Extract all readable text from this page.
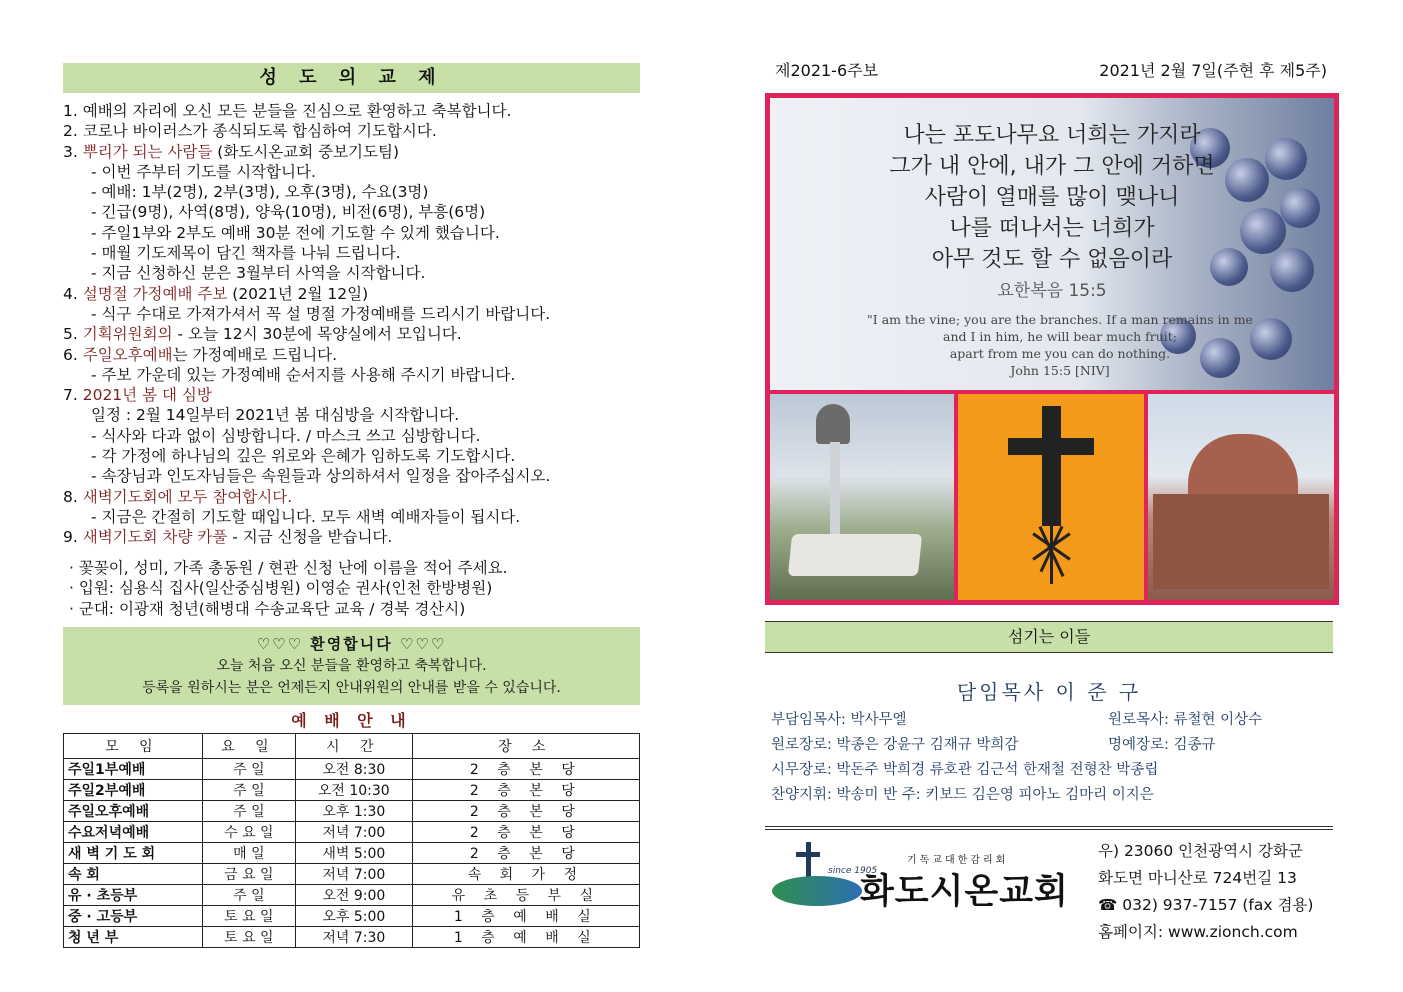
성 도 의 교 제
1. 예배의 자리에 오신 모든 분들을 진심으로 환영하고 축복합니다.
2. 코로나 바이러스가 종식되도록 합심하여 기도합시다.
3. 뿌리가 되는 사람들 (화도시온교회 중보기도팀)
- 이번 주부터 기도를 시작합니다.
- 예배: 1부(2명), 2부(3명), 오후(3명), 수요(3명)
- 긴급(9명), 사역(8명), 양육(10명), 비전(6명), 부흥(6명)
- 주일1부와 2부도 예배 30분 전에 기도할 수 있게 했습니다.
- 매월 기도제목이 담긴 책자를 나눠 드립니다.
- 지금 신청하신 분은 3월부터 사역을 시작합니다.
4. 설명절 가정예배 주보 (2021년 2월 12일)
- 식구 수대로 가져가셔서 꼭 설 명절 가정예배를 드리시기 바랍니다.
5. 기획위원회의 - 오늘 12시 30분에 목양실에서 모입니다.
6. 주일오후예배는 가정예배로 드립니다.
- 주보 가운데 있는 가정예배 순서지를 사용해 주시기 바랍니다.
7. 2021년 봄 대 심방
일정 : 2월 14일부터 2021년 봄 대심방을 시작합니다.
- 식사와 다과 없이 심방합니다. / 마스크 쓰고 심방합니다.
- 각 가정에 하나님의 깊은 위로와 은혜가 임하도록 기도합시다.
- 속장님과 인도자님들은 속원들과 상의하셔서 일정을 잡아주십시오.
8. 새벽기도회에 모두 참여합시다.
- 지금은 간절히 기도할 때입니다. 모두 새벽 예배자들이 됩시다.
9. 새벽기도회 차량 카풀 - 지금 신청을 받습니다.
· 꽃꽂이, 성미, 가족 총동원 / 현관 신청 난에 이름을 적어 주세요.
· 입원: 심용식 집사(일산중심병원) 이영순 권사(인천 한방병원)
· 군대: 이광재 청년(해병대 수송교육단 교육 / 경북 경산시)
♡♡♡ 환영합니다 ♡♡♡
오늘 처음 오신 분들을 환영하고 축복합니다.
등록을 원하시는 분은 언제든지 안내위원의 안내를 받을 수 있습니다.
예 배 안 내
모 임	요 일	시 간	장 소
주일1부예배	주 일	오전 8:30	2 층 본 당
주일2부예배	주 일	오전 10:30	2 층 본 당
주일오후예배	주 일	오후 1:30	2 층 본 당
수요저녁예배	수 요 일	저녁 7:00	2 층 본 당
새 벽 기 도 회	매 일	새벽 5:00	2 층 본 당
속 회	금 요 일	저녁 7:00	속 회 가 정
유 · 초등부	주 일	오전 9:00	유 초 등 부 실
중 · 고등부	토 요 일	오후 5:00	1 층 예 배 실
청 년 부	토 요 일	저녁 7:30	1 층 예 배 실
제2021-6주보	2021년 2월 7일(주현 후 제5주)
나는 포도나무요 너희는 가지라
그가 내 안에, 내가 그 안에 거하면
사람이 열매를 많이 맺나니
나를 떠나서는 너희가
아무 것도 할 수 없음이라
요한복음 15:5
"I am the vine; you are the branches. If a man remains in me
and I in him, he will bear much fruit;
apart from me you can do nothing.
John 15:5 [NIV]
섬기는 이들
담임목사 이 준 구
부담임목사: 박사무엘	원로목사: 류철현 이상수
원로장로: 박종은 강윤구 김재규 박희감	명예장로: 김종규
시무장로: 박돈주 박희경 류호관 김근석 한재철 전형찬 박종립
찬양지휘: 박송미 반 주: 키보드 김은영 피아노 김마리 이지은
since 1905
기독교대한감리회
화도시온교회
우) 23060 인천광역시 강화군
화도면 마니산로 724번길 13
☎ 032) 937-7157 (fax 겸용)
홈페이지: www.zionch.com
